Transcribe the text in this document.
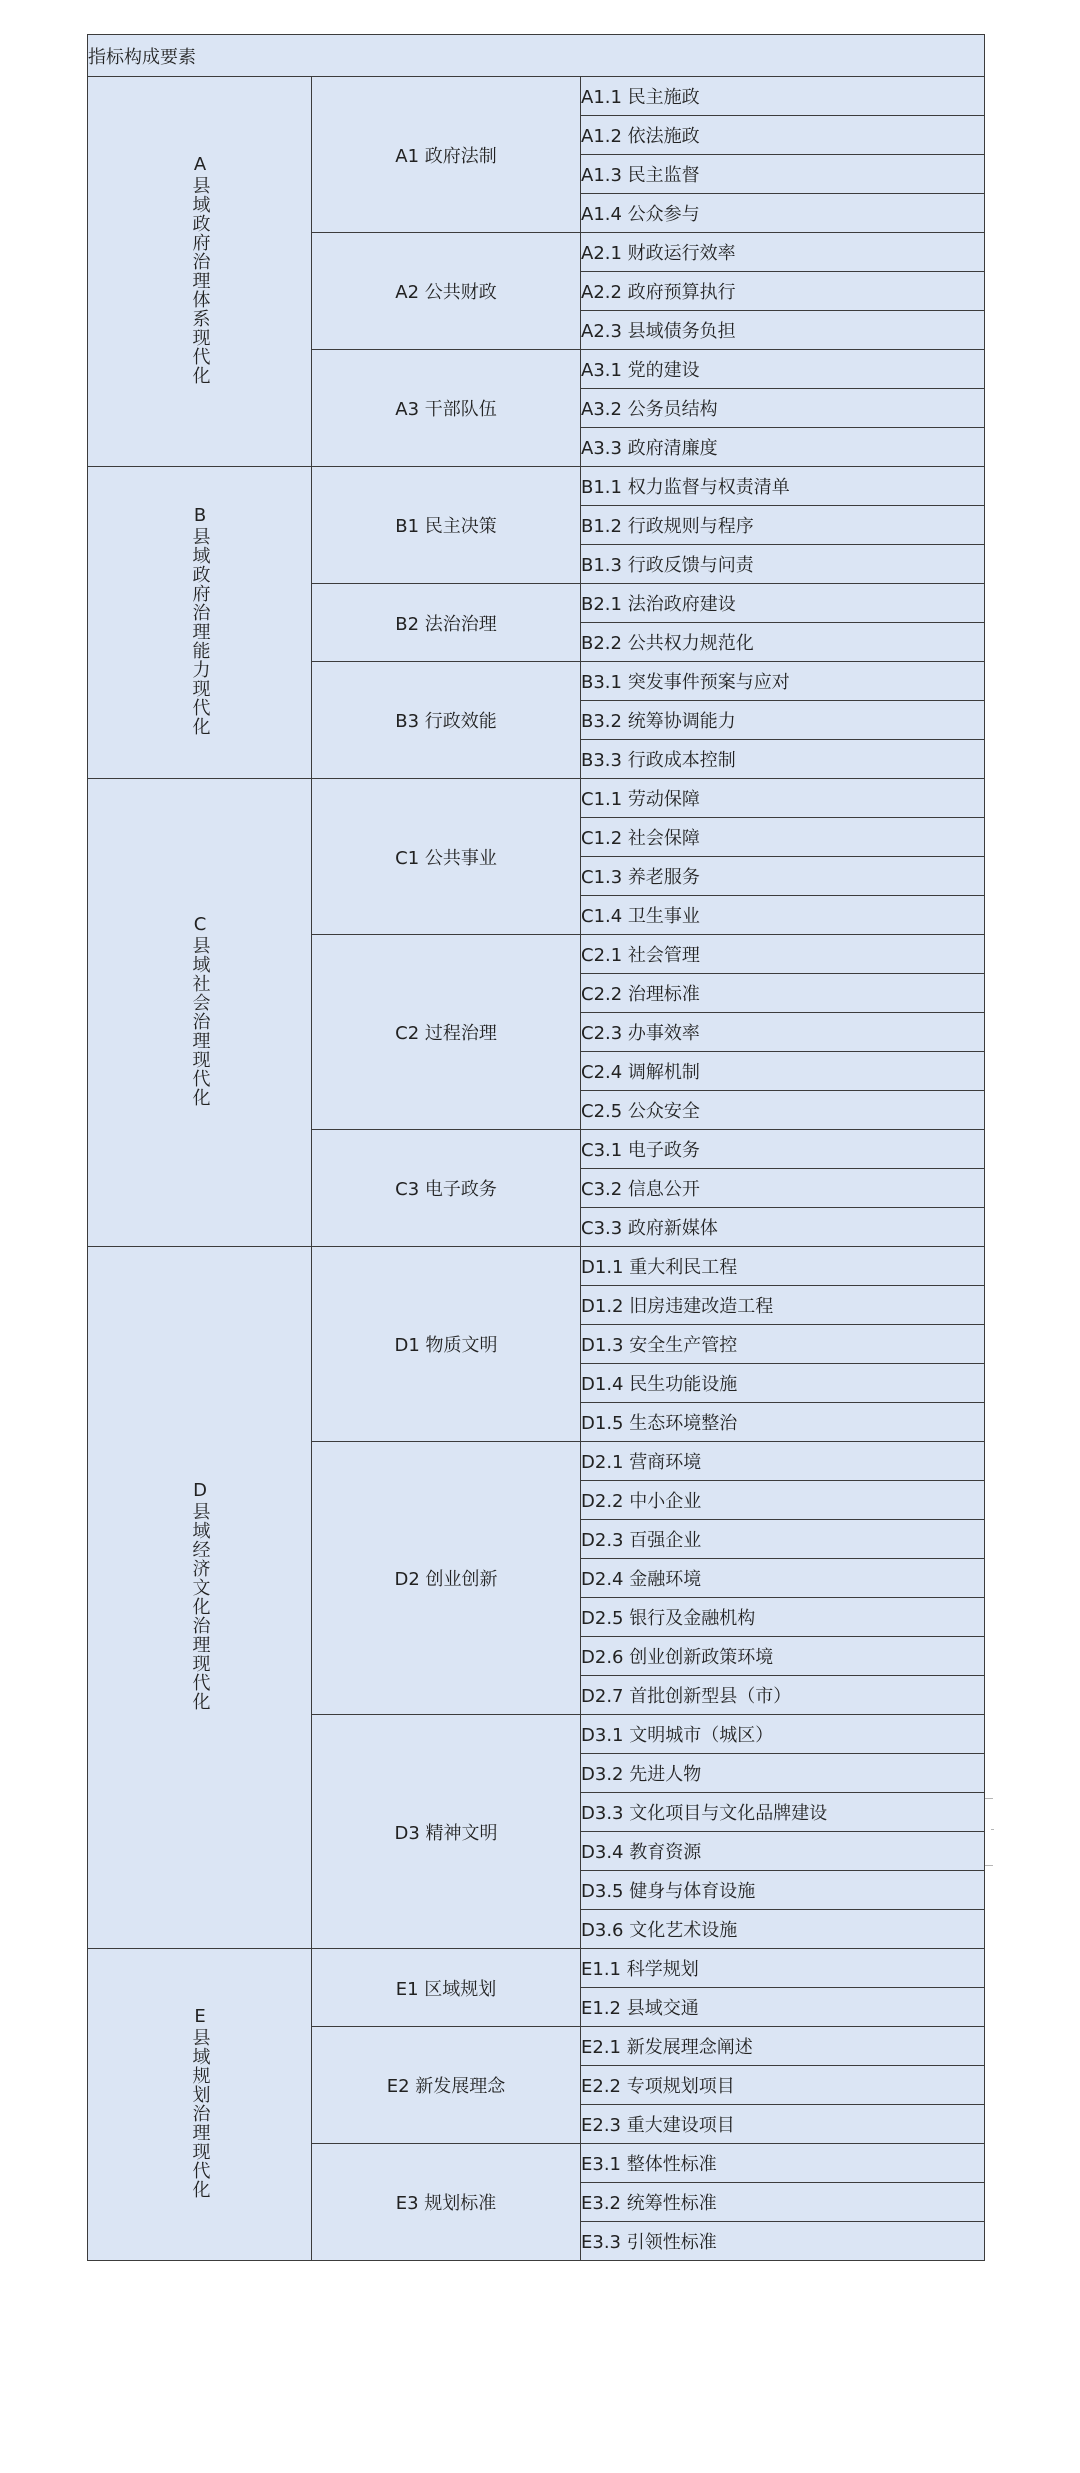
指标构成要素		
A县域政府治理体系现代化	A1 政府法制	A1.1 民主施政
		A1.2 依法施政
		A1.3 民主监督
		A1.4 公众参与
	A2 公共财政	A2.1 财政运行效率
		A2.2 政府预算执行
		A2.3 县域债务负担
	A3 干部队伍	A3.1 党的建设
		A3.2 公务员结构
		A3.3 政府清廉度
B县域政府治理能力现代化	B1 民主决策	B1.1 权力监督与权责清单
		B1.2 行政规则与程序
		B1.3 行政反馈与问责
	B2 法治治理	B2.1 法治政府建设
		B2.2 公共权力规范化
	B3 行政效能	B3.1 突发事件预案与应对
		B3.2 统筹协调能力
		B3.3 行政成本控制
C县域社会治理现代化	C1 公共事业	C1.1 劳动保障
		C1.2 社会保障
		C1.3 养老服务
		C1.4 卫生事业
	C2 过程治理	C2.1 社会管理
		C2.2 治理标准
		C2.3 办事效率
		C2.4 调解机制
		C2.5 公众安全
	C3 电子政务	C3.1 电子政务
		C3.2 信息公开
		C3.3 政府新媒体
D县域经济文化治理现代化	D1 物质文明	D1.1 重大利民工程
		D1.2 旧房违建改造工程
		D1.3 安全生产管控
		D1.4 民生功能设施
		D1.5 生态环境整治
	D2 创业创新	D2.1 营商环境
		D2.2 中小企业
		D2.3 百强企业
		D2.4 金融环境
		D2.5 银行及金融机构
		D2.6 创业创新政策环境
		D2.7 首批创新型县（市）
	D3 精神文明	D3.1 文明城市（城区）
		D3.2 先进人物
		D3.3 文化项目与文化品牌建设
		D3.4 教育资源
		D3.5 健身与体育设施
		D3.6 文化艺术设施
E县域规划治理现代化	E1 区域规划	E1.1 科学规划
		E1.2 县域交通
	E2 新发展理念	E2.1 新发展理念阐述
		E2.2 专项规划项目
		E2.3 重大建设项目
	E3 规划标准	E3.1 整体性标准
		E3.2 统筹性标准
		E3.3 引领性标准
